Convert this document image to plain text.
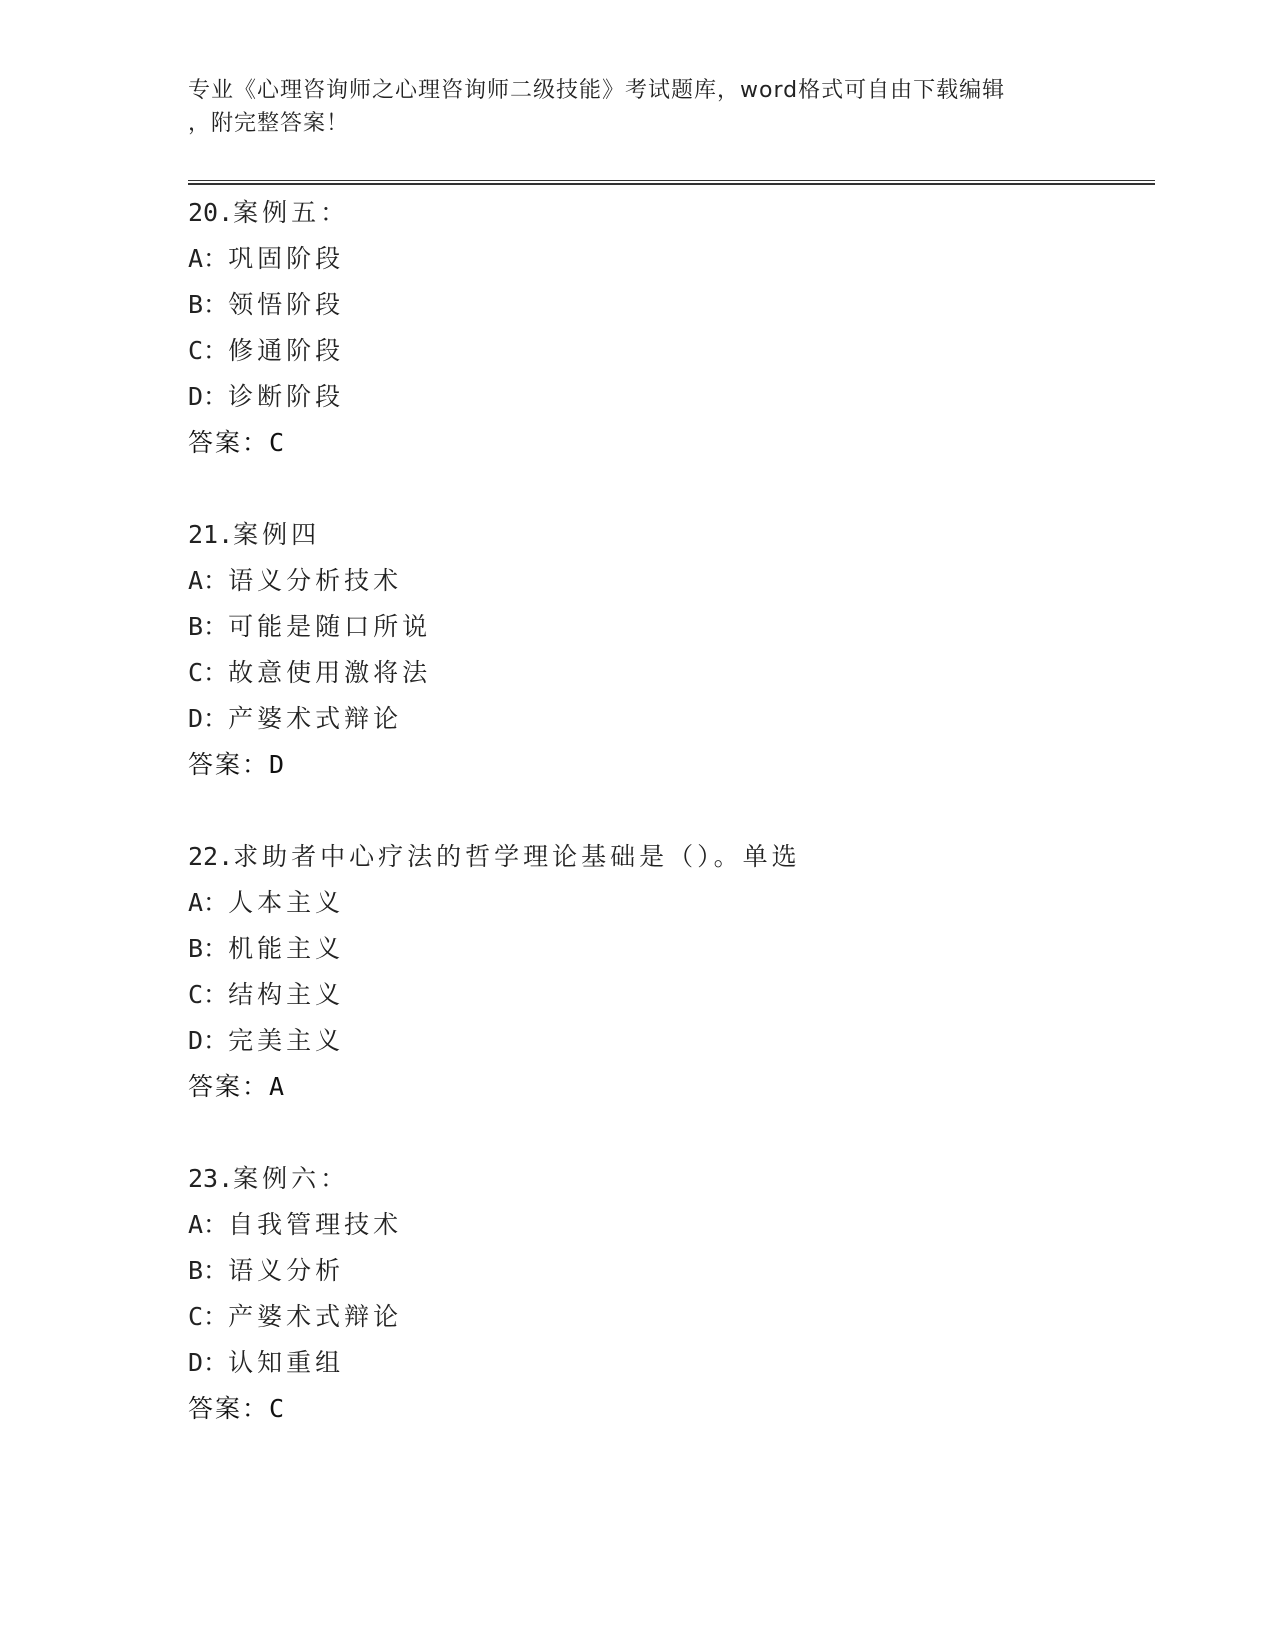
专业《心理咨询师之心理咨询师二级技能》考试题库，word格式可自由下载编辑
，附完整答案！
20.案例五：
A：巩固阶段
B：领悟阶段
C：修通阶段
D：诊断阶段
答案：C
21.案例四
A：语义分析技术
B：可能是随口所说
C：故意使用激将法
D：产婆术式辩论
答案：D
22.求助者中心疗法的哲学理论基础是（）。单选
A：人本主义
B：机能主义
C：结构主义
D：完美主义
答案：A
23.案例六：
A：自我管理技术
B：语义分析
C：产婆术式辩论
D：认知重组
答案：C
